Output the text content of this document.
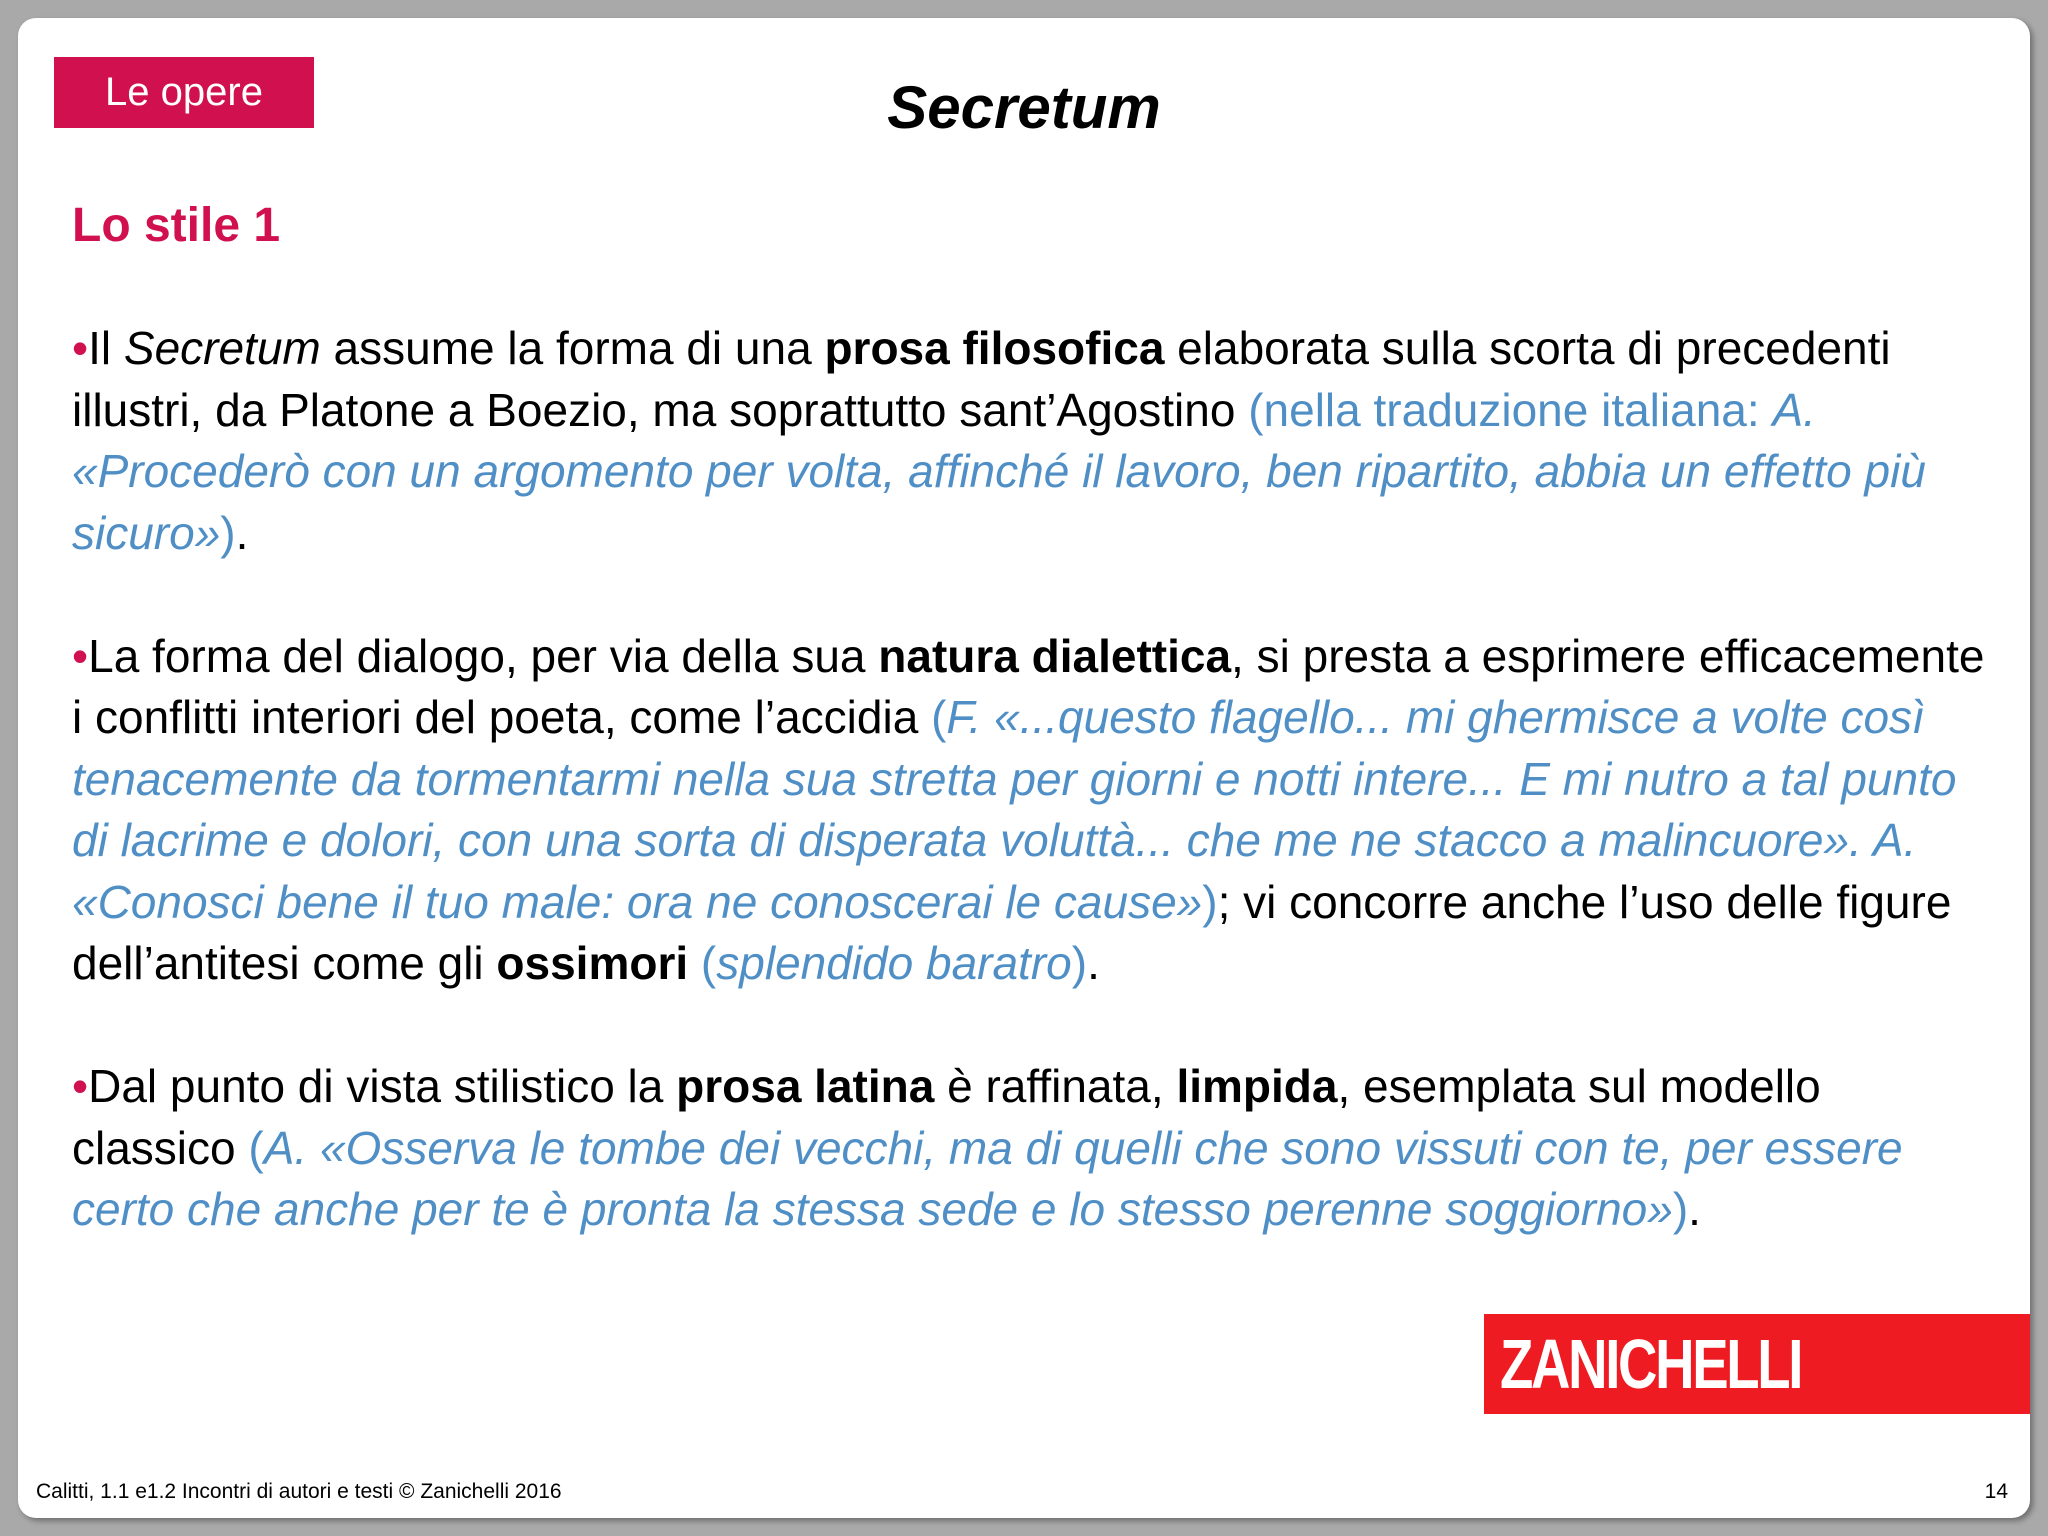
Le opere	Secretum
Lo stile 1

•Il Secretum assume la forma di una prosa filosofica elaborata sulla scorta di precedenti illustri, da Platone a Boezio, ma soprattutto sant’Agostino (nella traduzione italiana: A. «Procederò con un argomento per volta, affinché il lavoro, ben ripartito, abbia un effetto più sicuro»).

•La forma del dialogo, per via della sua natura dialettica, si presta a esprimere efficacemente i conflitti interiori del poeta, come l’accidia (F. «...questo flagello... mi ghermisce a volte così tenacemente da tormentarmi nella sua stretta per giorni e notti intere... E mi nutro a tal punto di lacrime e dolori, con una sorta di disperata voluttà... che me ne stacco a malincuore». A. «Conosci bene il tuo male: ora ne conoscerai le cause»); vi concorre anche l’uso delle figure dell’antitesi come gli ossimori (splendido baratro).

•Dal punto di vista stilistico la prosa latina è raffinata, limpida, esemplata sul modello classico (A. «Osserva le tombe dei vecchi, ma di quelli che sono vissuti con te, per essere certo che anche per te è pronta la stessa sede e lo stesso perenne soggiorno»).

ZANICHELLI
Calitti, 1.1 e1.2 Incontri di autori e testi © Zanichelli 2016	14
